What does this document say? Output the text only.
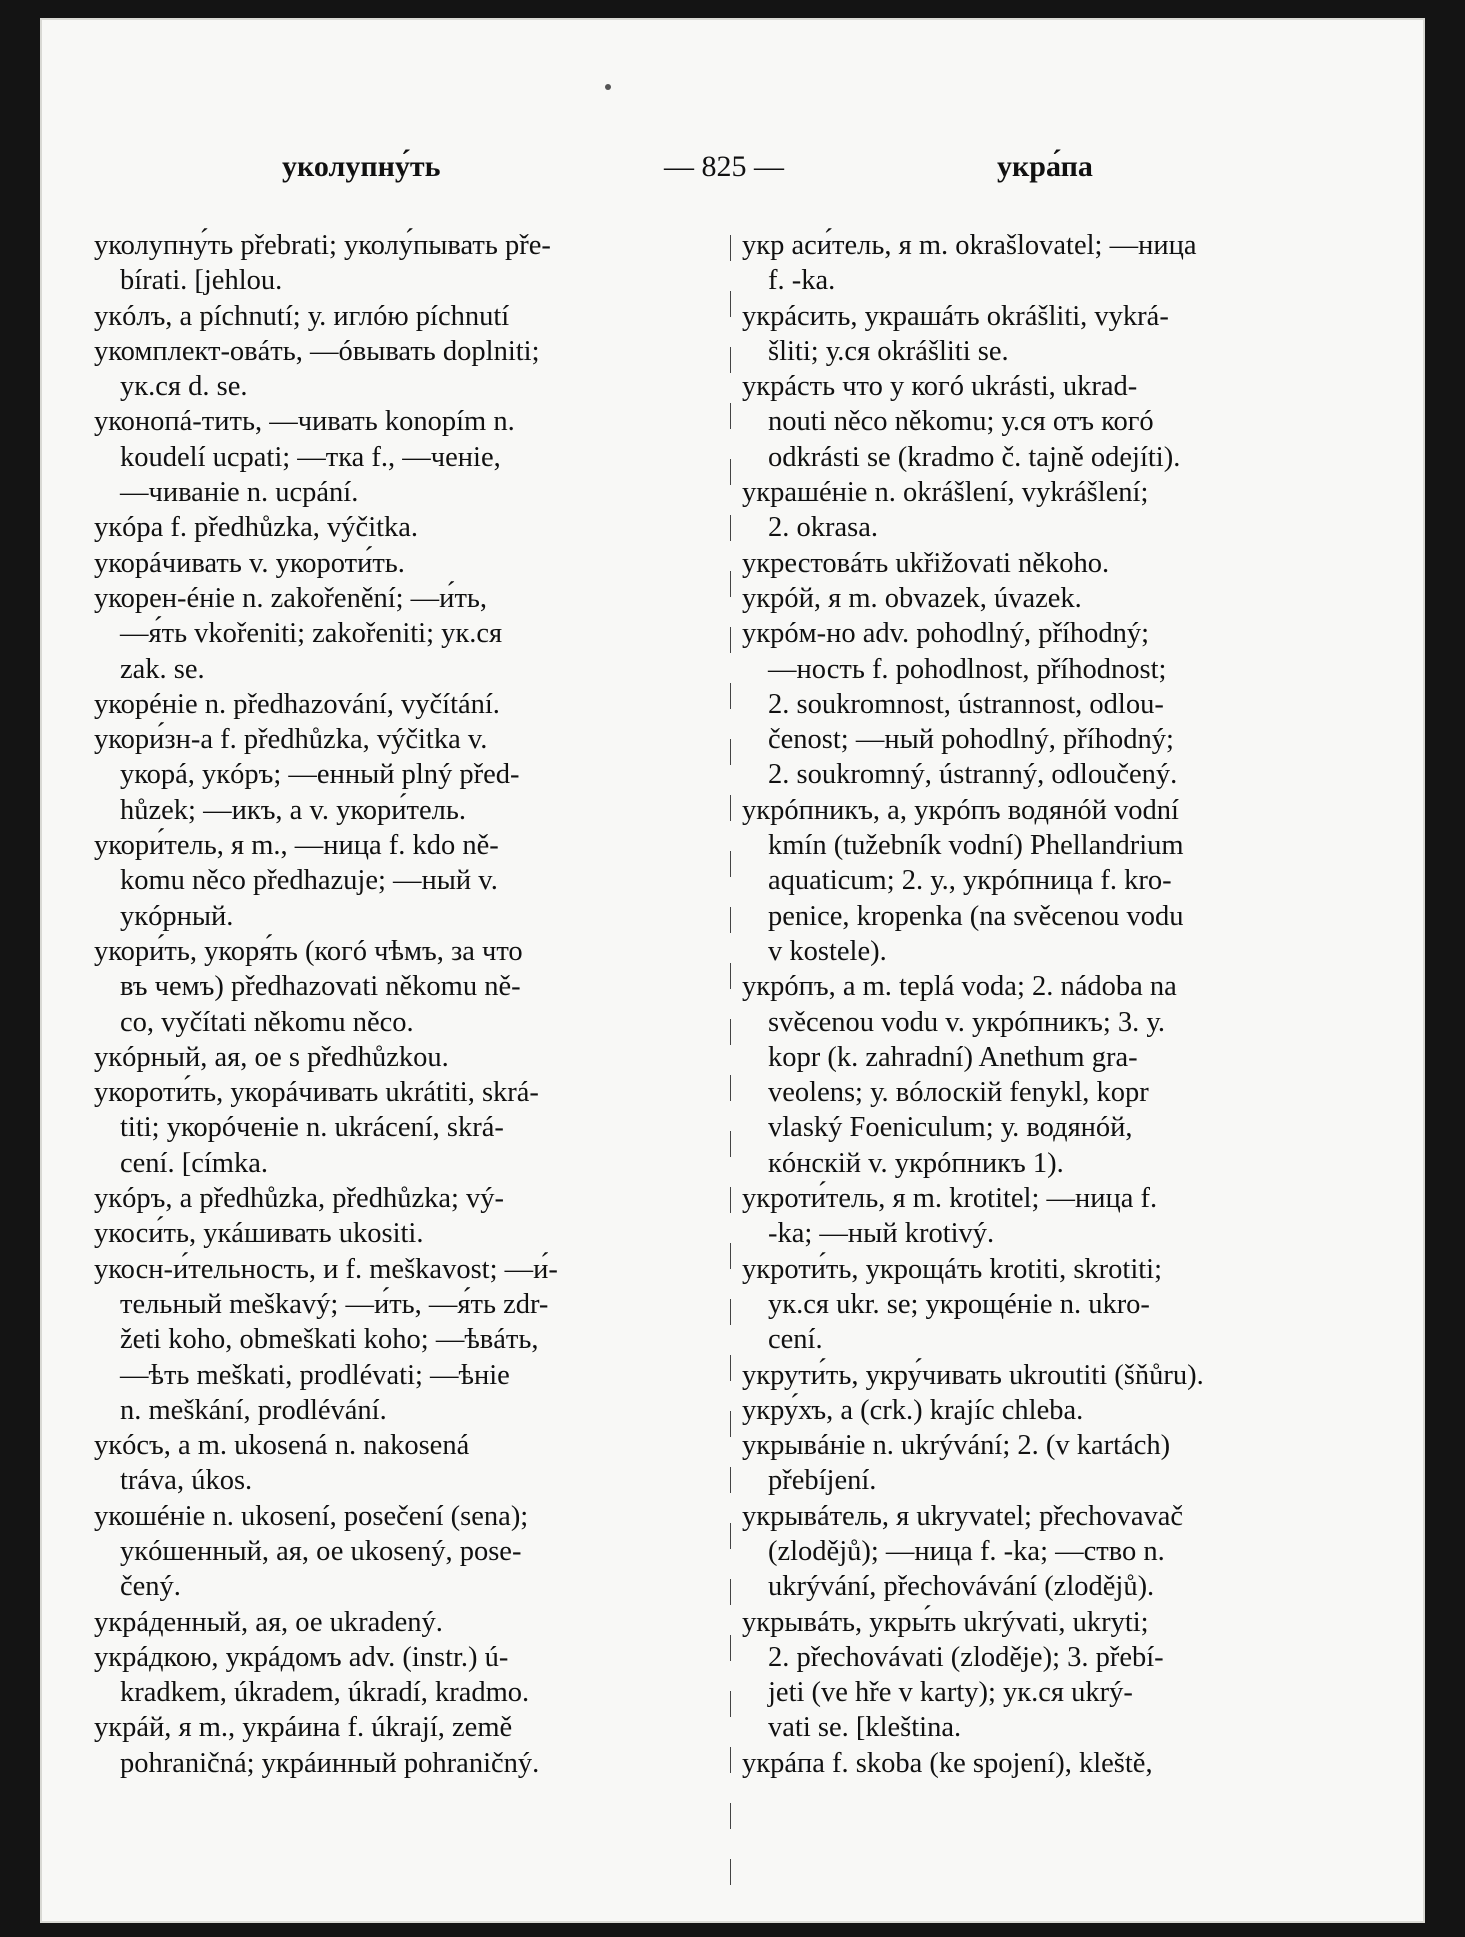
уколупну́ть	— 825 —	укра́па
уколупну́ть přebrati; уколу́пывать pře-
bírati. [jehlou.
укóлъ, a píchnutí; у. иглóю píchnutí
укомплект-овáть, —óвывать doplniti;
ук.ся d. se.
уконопá-тить, —чивать konopím n.
koudelí ucpati; —тка f., —ченіе,
—чиваніе n. ucpání.
укóра f. předhůzka, výčitka.
укорáчивать v. укороти́ть.
укорен-éніе n. zakořenění; —и́ть,
—я́ть vkořeniti; zakořeniti; ук.ся
zak. se.
укорéніе n. předhazování, vyčítání.
укори́зн-а f. předhůzka, výčitka v.
укорá, укóръ; —енный plný před-
hůzek; —икъ, a v. укори́тель.
укори́тель, я m., —ница f. kdo ně-
komu něco předhazuje; —ный v.
укóрный.
укори́ть, укоря́ть (когó чѣмъ, за что
въ чемъ) předhazovati někomu ně-
co, vyčítati někomu něco.
укóрный, ая, ое s předhůzkou.
укороти́ть, укорáчивать ukrátiti, skrá-
titi; укорóченіе n. ukrácení, skrá-
cení. [címka.
укóръ, a předhůzka, předhůzka; vý-
укоси́ть, укáшивать ukositi.
укосн-и́тельность, и f. meškavost; —и́-
тельный meškavý; —и́ть, —я́ть zdr-
žeti koho, obmeškati koho; —ѣвáть,
—ѣть meškati, prodlévati; —ѣніе
n. meškání, prodlévání.
укóсъ, a m. ukosená n. nakosená
tráva, úkos.
укошéніе n. ukosení, posečení (sena);
укóшенный, ая, ое ukosený, pose-
čený.
укрáденный, ая, ое ukradený.
укрáдкою, укрáдомъ adv. (instr.) ú-
kradkem, úkradem, úkradí, kradmo.
укрáй, я m., укрáина f. úkrají, země
pohraničná; укрáинный pohraničný.
укр аси́тель, я m. okrašlovatel; —ница
f. -ka.
укрáсить, украшáть okrášliti, vykrá-
šliti; у.ся okrášliti se.
укрáсть что у когó ukrásti, ukrad-
nouti něco někomu; у.ся отъ когó
odkrásti se (kradmo č. tajně odejíti).
украшéніе n. okrášlení, vykrášlení;
2. okrasa.
укрестовáть ukřižovati někoho.
укрóй, я m. obvazek, úvazek.
укрóм-но adv. pohodlný, příhodný;
—ность f. pohodlnost, příhodnost;
2. soukromnost, ústrannost, odlou-
čenost; —ный pohodlný, příhodný;
2. soukromný, ústranný, odloučený.
укрóпникъ, a, укрóпъ водянóй vodní
kmín (tužebník vodní) Phellandrium
aquaticum; 2. у., укрóпница f. kro-
penice, kropenka (na svěcenou vodu
v kostele).
укрóпъ, a m. teplá voda; 2. nádoba na
svěcenou vodu v. укрóпникъ; 3. у.
kopr (k. zahradní) Anethum gra-
veolens; у. вóлоскій fenykl, kopr
vlaský Foeniculum; у. водянóй,
кóнскій v. укрóпникъ 1).
укроти́тель, я m. krotitel; —ница f.
-ka; —ный krotivý.
укроти́ть, укрощáть krotiti, skrotiti;
ук.ся ukr. se; укрощéніе n. ukro-
cení.
укрути́ть, укру́чивать ukroutiti (šňůru).
укру́хъ, a (crk.) krajíc chleba.
укрывáніе n. ukrývání; 2. (v kartách)
přebíjení.
укрывáтель, я ukryvatel; přechovavač
(zlodějů); —ница f. -ka; —ство n.
ukrývání, přechovávání (zlodějů).
укрывáть, укры́ть ukrývati, ukryti;
2. přechovávati (zloděje); 3. přebí-
jeti (ve hře v karty); ук.ся ukrý-
vati se. [kleština.
укрáпа f. skoba (ke spojení), kleště,
